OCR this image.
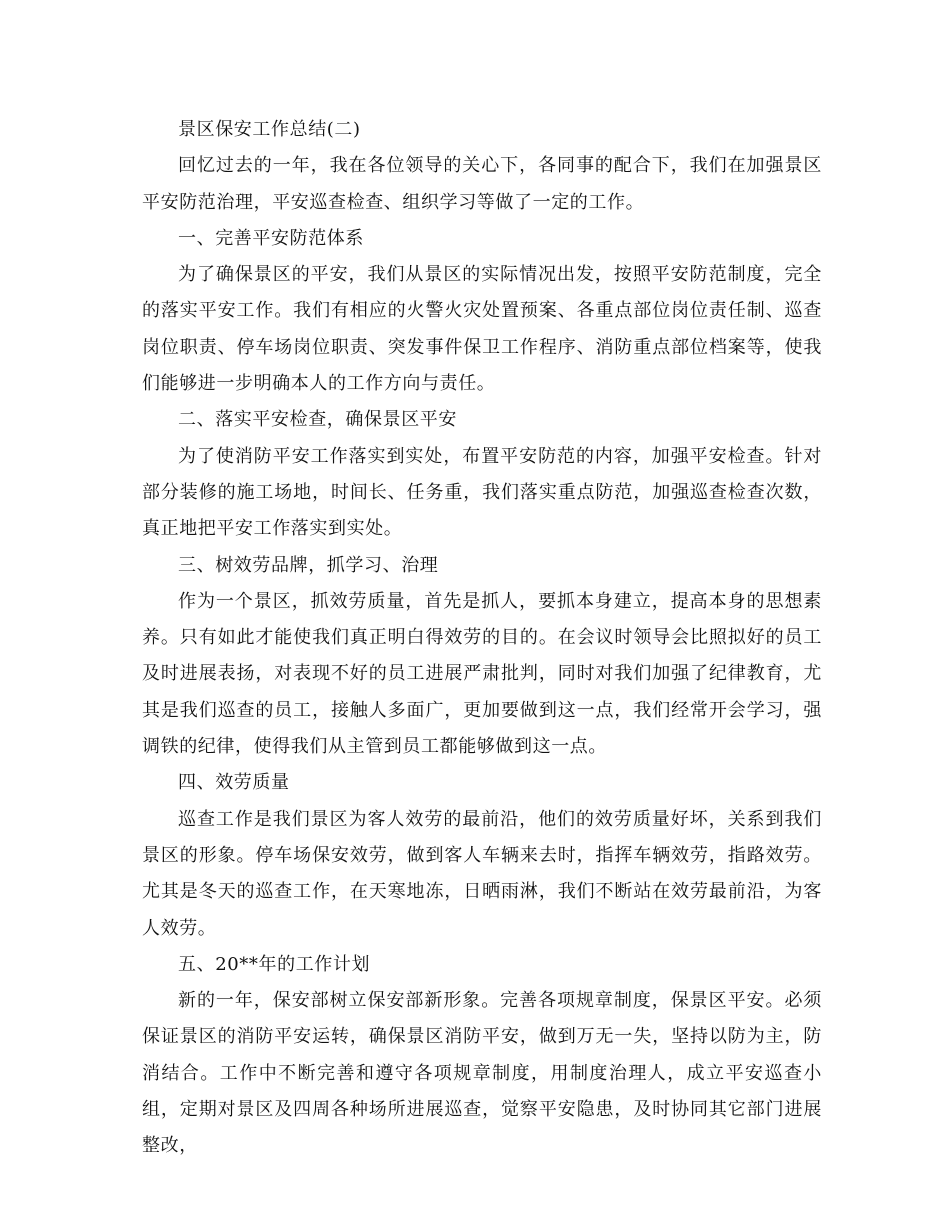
景区保安工作总结(二)

回忆过去的一年，我在各位领导的关心下，各同事的配合下，我们在加强景区平安防范治理，平安巡查检查、组织学习等做了一定的工作。

一、完善平安防范体系

为了确保景区的平安，我们从景区的实际情况出发，按照平安防范制度，完全的落实平安工作。我们有相应的火警火灾处置预案、各重点部位岗位责任制、巡查岗位职责、停车场岗位职责、突发事件保卫工作程序、消防重点部位档案等，使我们能够进一步明确本人的工作方向与责任。

二、落实平安检查，确保景区平安

为了使消防平安工作落实到实处，布置平安防范的内容，加强平安检查。针对部分装修的施工场地，时间长、任务重，我们落实重点防范，加强巡查检查次数，真正地把平安工作落实到实处。

三、树效劳品牌，抓学习、治理

作为一个景区，抓效劳质量，首先是抓人，要抓本身建立，提高本身的思想素养。只有如此才能使我们真正明白得效劳的目的。在会议时领导会比照拟好的员工及时进展表扬，对表现不好的员工进展严肃批判，同时对我们加强了纪律教育，尤其是我们巡查的员工，接触人多面广，更加要做到这一点，我们经常开会学习，强调铁的纪律，使得我们从主管到员工都能够做到这一点。

四、效劳质量

巡查工作是我们景区为客人效劳的最前沿，他们的效劳质量好坏，关系到我们景区的形象。停车场保安效劳，做到客人车辆来去时，指挥车辆效劳，指路效劳。尤其是冬天的巡查工作，在天寒地冻，日晒雨淋，我们不断站在效劳最前沿，为客人效劳。

五、20**年的工作计划

新的一年，保安部树立保安部新形象。完善各项规章制度，保景区平安。必须保证景区的消防平安运转，确保景区消防平安，做到万无一失，坚持以防为主，防消结合。工作中不断完善和遵守各项规章制度，用制度治理人，成立平安巡查小组，定期对景区及四周各种场所进展巡查，觉察平安隐患，及时协同其它部门进展整改，
